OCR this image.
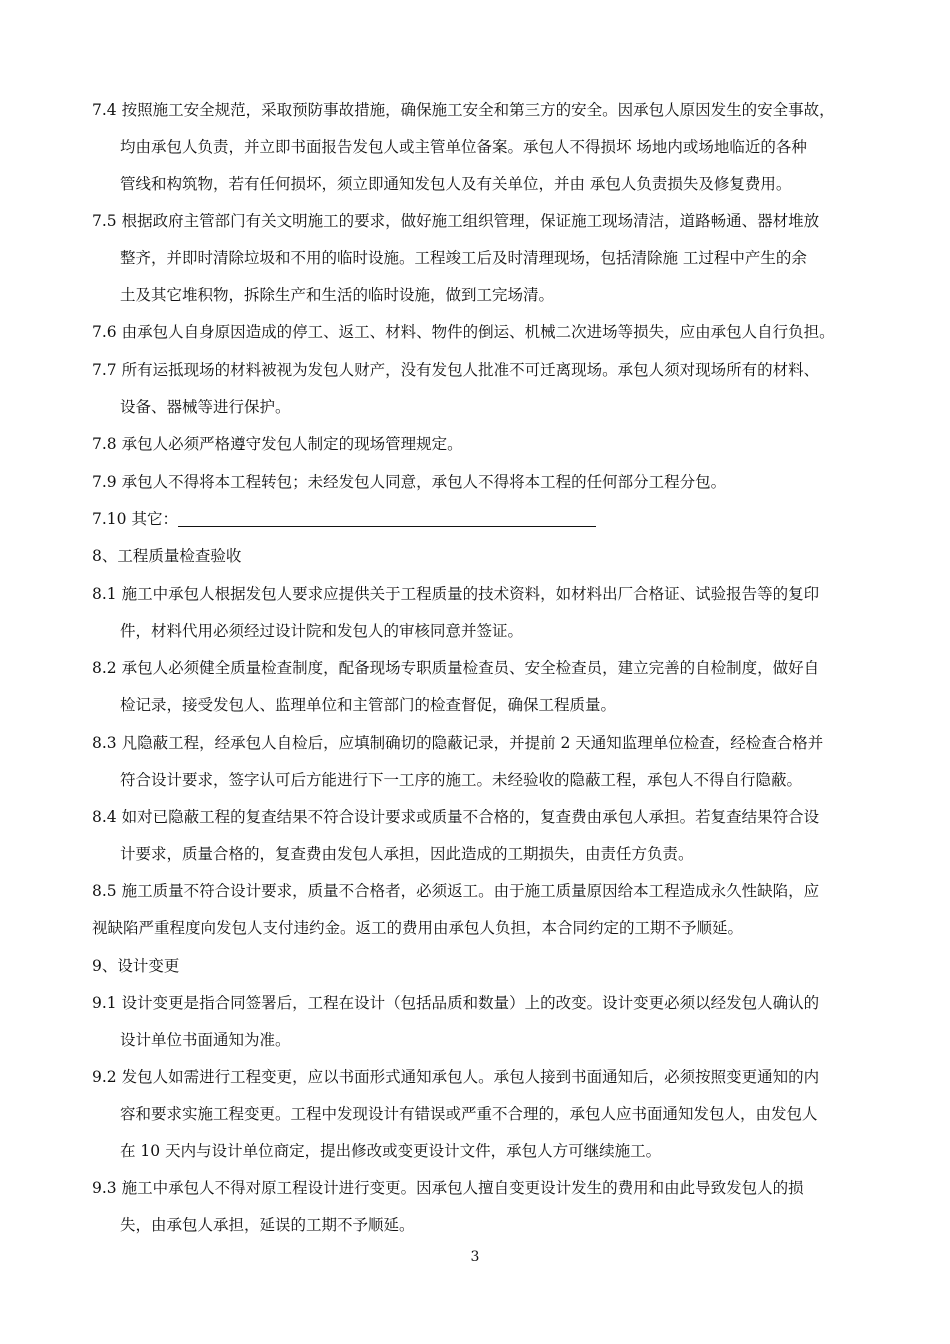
7.4 按照施工安全规范，采取预防事故措施，确保施工安全和第三方的安全。因承包人原因发生的安全事故，
均由承包人负责，并立即书面报告发包人或主管单位备案。承包人不得损坏 场地内或场地临近的各种
管线和构筑物，若有任何损坏，须立即通知发包人及有关单位，并由 承包人负责损失及修复费用。
7.5 根据政府主管部门有关文明施工的要求，做好施工组织管理，保证施工现场清洁，道路畅通、器材堆放
整齐，并即时清除垃圾和不用的临时设施。工程竣工后及时清理现场，包括清除施 工过程中产生的余
土及其它堆积物，拆除生产和生活的临时设施，做到工完场清。
7.6 由承包人自身原因造成的停工、返工、材料、物件的倒运、机械二次进场等损失，应由承包人自行负担。
7.7 所有运抵现场的材料被视为发包人财产，没有发包人批准不可迁离现场。承包人须对现场所有的材料、
设备、器械等进行保护。
7.8 承包人必须严格遵守发包人制定的现场管理规定。
7.9 承包人不得将本工程转包；未经发包人同意，承包人不得将本工程的任何部分工程分包。
7.10 其它：
8、工程质量检查验收
8.1 施工中承包人根据发包人要求应提供关于工程质量的技术资料，如材料出厂合格证、试验报告等的复印
件，材料代用必须经过设计院和发包人的审核同意并签证。
8.2 承包人必须健全质量检查制度，配备现场专职质量检查员、安全检查员，建立完善的自检制度，做好自
检记录，接受发包人、监理单位和主管部门的检查督促，确保工程质量。
8.3 凡隐蔽工程，经承包人自检后，应填制确切的隐蔽记录，并提前 2 天通知监理单位检查，经检查合格并
符合设计要求，签字认可后方能进行下一工序的施工。未经验收的隐蔽工程，承包人不得自行隐蔽。
8.4 如对已隐蔽工程的复查结果不符合设计要求或质量不合格的，复查费由承包人承担。若复查结果符合设
计要求，质量合格的，复查费由发包人承担，因此造成的工期损失，由责任方负责。
8.5 施工质量不符合设计要求，质量不合格者，必须返工。由于施工质量原因给本工程造成永久性缺陷，应
视缺陷严重程度向发包人支付违约金。返工的费用由承包人负担，本合同约定的工期不予顺延。
9、设计变更
9.1 设计变更是指合同签署后，工程在设计（包括品质和数量）上的改变。设计变更必须以经发包人确认的
设计单位书面通知为准。
9.2 发包人如需进行工程变更，应以书面形式通知承包人。承包人接到书面通知后，必须按照变更通知的内
容和要求实施工程变更。工程中发现设计有错误或严重不合理的，承包人应书面通知发包人，由发包人
在 10 天内与设计单位商定，提出修改或变更设计文件，承包人方可继续施工。
9.3 施工中承包人不得对原工程设计进行变更。因承包人擅自变更设计发生的费用和由此导致发包人的损
失，由承包人承担，延误的工期不予顺延。
3
